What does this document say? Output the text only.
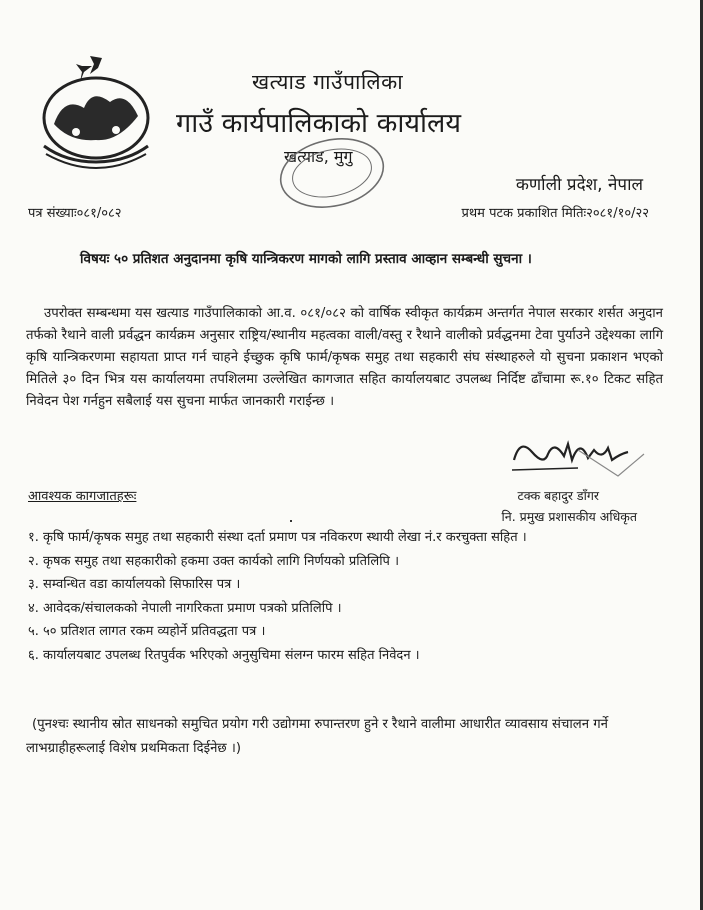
खत्याड गाउँपालिका
गाउँ कार्यपालिकाको कार्यालय
खत्याड, मुगु
कर्णाली प्रदेश, नेपाल
पत्र संख्याः०८१/०८२	प्रथम पटक प्रकाशित मितिः२०८१/१०/२२
विषयः ५० प्रतिशत अनुदानमा कृषि यान्त्रिकरण मागको लागि प्रस्ताव आव्हान सम्बन्धी सुचना ।
उपरोक्त सम्बन्धमा यस खत्याड गाउँपालिकाको आ.व. ०८१/०८२ को वार्षिक स्वीकृत कार्यक्रम अन्तर्गत नेपाल सरकार शर्सत अनुदान तर्फको रैथाने वाली प्रर्वद्धन कार्यक्रम अनुसार राष्ट्रिय/स्थानीय महत्वका वाली/वस्तु र रैथाने वालीको प्रर्वद्धनमा टेवा पुर्याउने उद्देश्यका लागि कृषि यान्त्रिकरणमा सहायता प्राप्त गर्न चाहने ईच्छुक कृषि फार्म/कृषक समुह तथा सहकारी संघ संस्थाहरुले यो सुचना प्रकाशन भएको मितिले ३० दिन भित्र यस कार्यालयमा तपशिलमा उल्लेखित कागजात सहित कार्यालयबाट उपलब्ध निर्दिष्ट ढाँचामा रू.१० टिकट सहित निवेदन पेश गर्नहुन सबैलाई यस सुचना मार्फत जानकारी गराईन्छ ।
आवश्यक कागजातहरूः	टक्क बहादुर डाँगर
नि. प्रमुख प्रशासकीय अधिकृत
१. कृषि फार्म/कृषक समुह तथा सहकारी संस्था दर्ता प्रमाण पत्र नविकरण स्थायी लेखा नं.र करचुक्ता सहित ।
२. कृषक समुह तथा सहकारीको हकमा उक्त कार्यको लागि निर्णयको प्रतिलिपि ।
३. सम्वन्धित वडा कार्यालयको सिफारिस पत्र ।
४. आवेदक/संचालकको नेपाली नागरिकता प्रमाण पत्रको प्रतिलिपि ।
५. ५० प्रतिशत लागत रकम व्यहोर्ने प्रतिवद्धता पत्र ।
६. कार्यालयबाट उपलब्ध रितपुर्वक भरिएको अनुसुचिमा संलग्न फारम सहित निवेदन ।
(पुनश्चः स्थानीय स्रोत साधनको समुचित प्रयोग गरी उद्योगमा रुपान्तरण हुने र रैथाने वालीमा आधारीत व्यावसाय संचालन गर्ने लाभग्राहीहरूलाई विशेष प्रथमिकता दिईनेछ ।)
